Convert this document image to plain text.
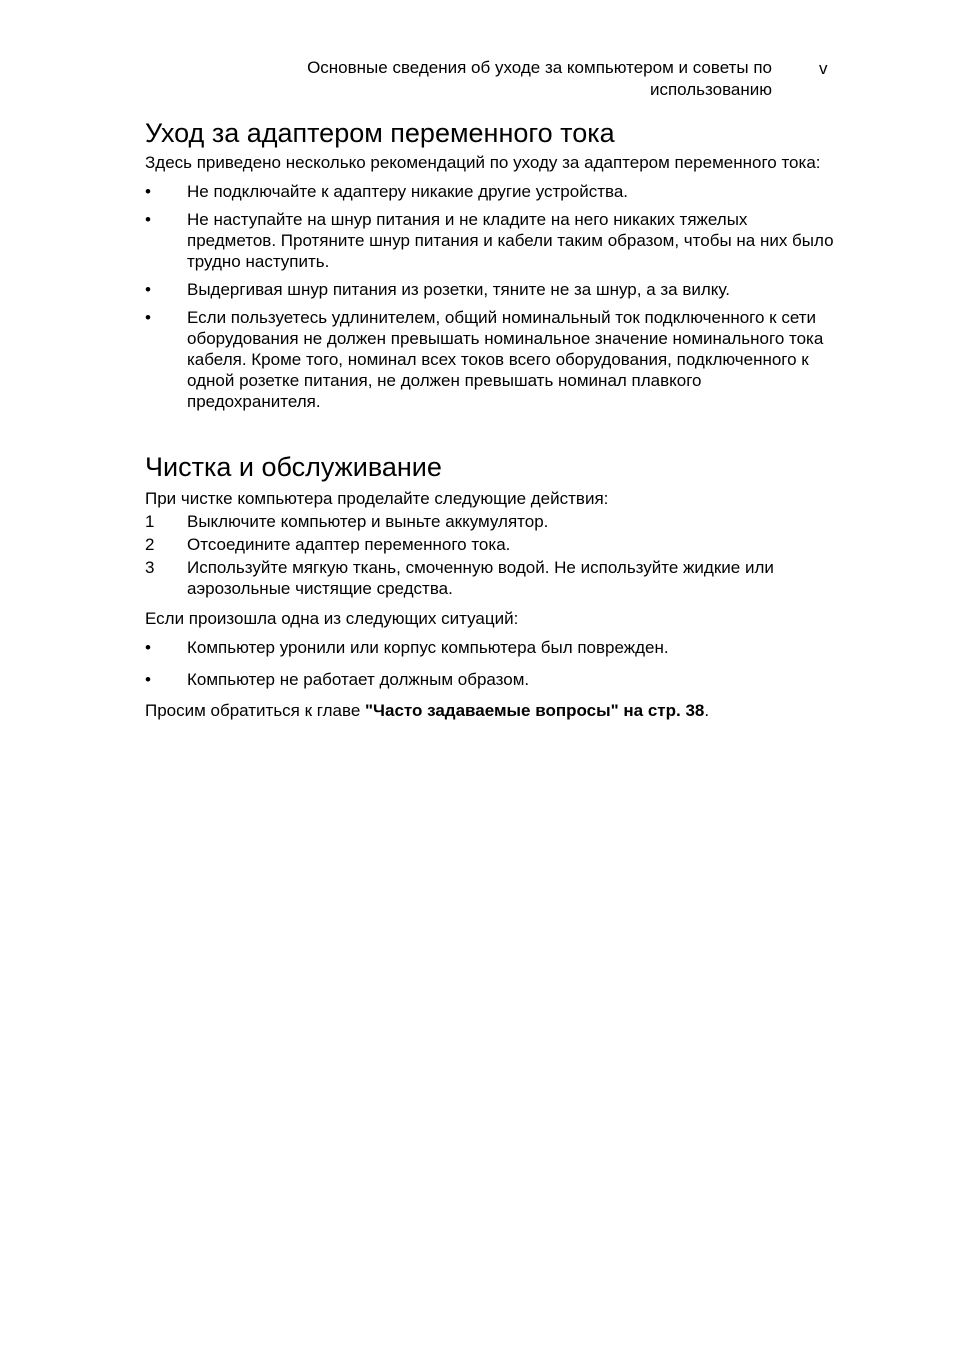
Основные сведения об уходе за компьютером и советы по использованию
v
Уход за адаптером переменного тока

Здесь приведено несколько рекомендаций по уходу за адаптером переменного тока:

•	Не подключайте к адаптеру никакие другие устройства.
•	Не наступайте на шнур питания и не кладите на него никаких тяжелых предметов. Протяните шнур питания и кабели таким образом, чтобы на них было трудно наступить.
•	Выдергивая шнур питания из розетки, тяните не за шнур, а за вилку.
•	Если пользуетесь удлинителем, общий номинальный ток подключенного к сети оборудования не должен превышать номинальное значение номинального тока кабеля. Кроме того, номинал всех токов всего оборудования, подключенного к одной розетке питания, не должен превышать номинал плавкого предохранителя.
Чистка и обслуживание

При чистке компьютера проделайте следующие действия:

1	Выключите компьютер и выньте аккумулятор.
2	Отсоедините адаптер переменного тока.
3	Используйте мягкую ткань, смоченную водой. Не используйте жидкие или аэрозольные чистящие средства.

Если произошла одна из следующих ситуаций:

•	Компьютер уронили или корпус компьютера был поврежден.
•	Компьютер не работает должным образом.

Просим обратиться к главе "Часто задаваемые вопросы" на стр. 38.
